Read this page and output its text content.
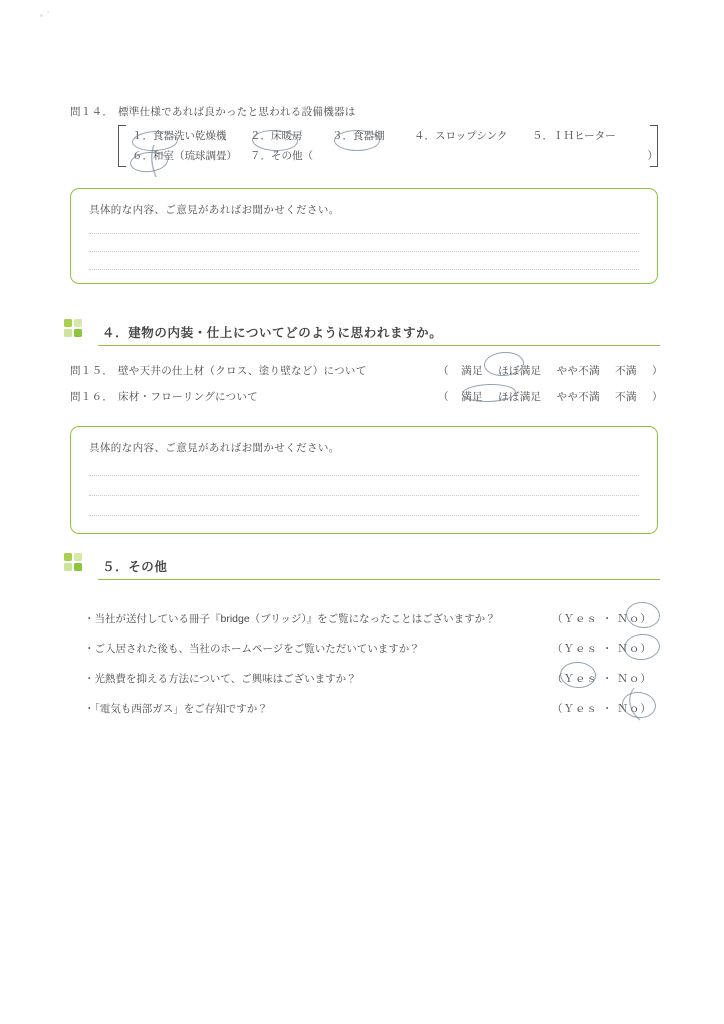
問１４． 標準仕様であれば良かったと思われる設備機器は
１．食器洗い乾燥機	２．床暖房	３．食器棚	４．スロップシンク	５．ＩＨヒーター
６．和室（琉球調畳）	７．その他（	）
具体的な内容、ご意見があればお聞かせください。
４．建物の内装・仕上についてどのように思われますか。
問１５． 壁や天井の仕上材（クロス、塗り壁など）について	（ 満足 ほぼ満足 やや不満 不満 ）
問１６． 床材・フローリングについて	（ 満足 ほぼ満足 やや不満 不満 ）
具体的な内容、ご意見があればお聞かせください。
５．その他
・当社が送付している冊子『bridge（ブリッジ）』をご覧になったことはございますか？	（Ｙｅｓ ・ Ｎｏ）
・ご入居された後も、当社のホームページをご覧いただいていますか？	（Ｙｅｓ ・ Ｎｏ）
・光熱費を抑える方法について、ご興味はございますか？	（Ｙｅｓ ・ Ｎｏ）
・「電気も西部ガス」をご存知ですか？	（Ｙｅｓ ・ Ｎｏ）
